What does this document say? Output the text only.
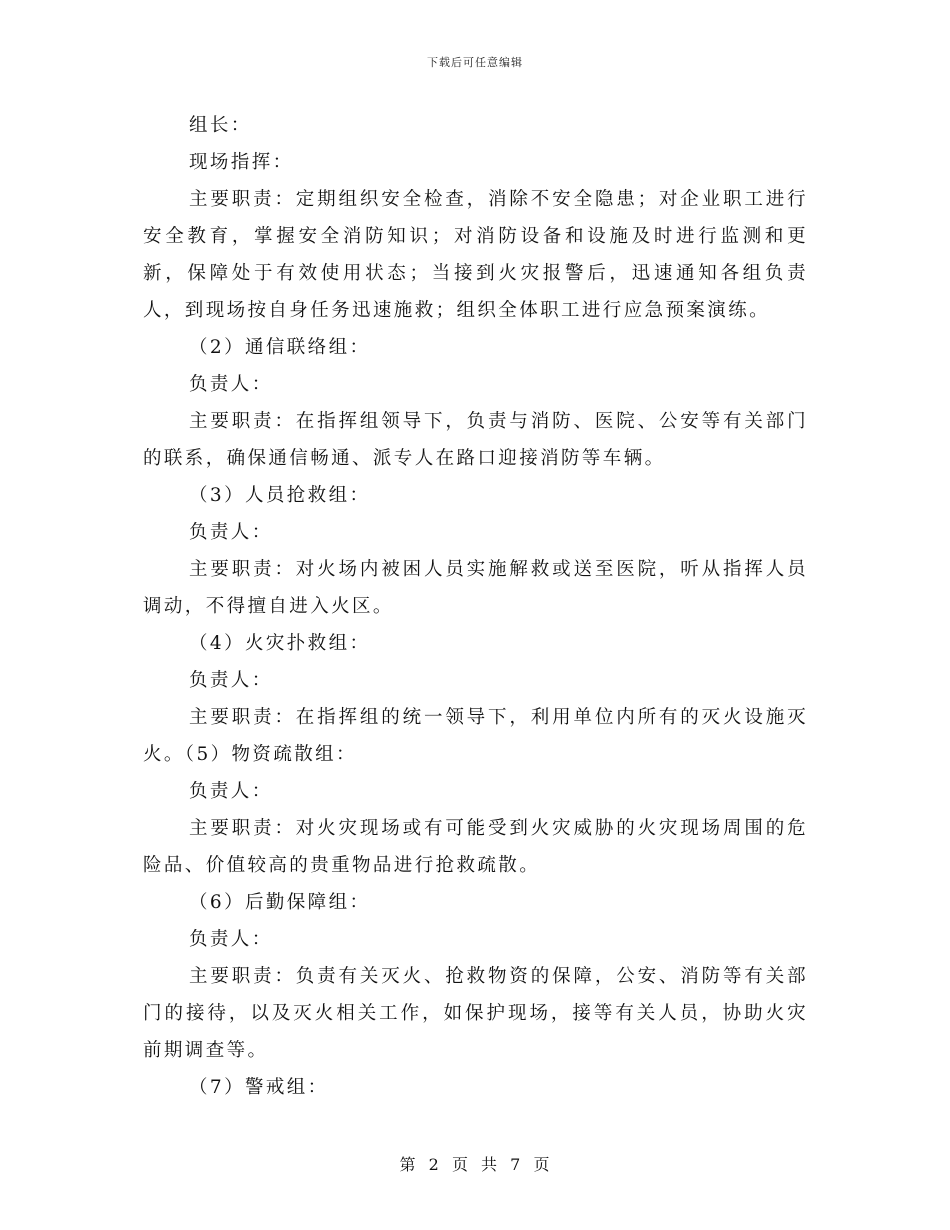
下载后可任意编辑

组长：

现场指挥：

主要职责：定期组织安全检查，消除不安全隐患；对企业职工进行安全教育，掌握安全消防知识；对消防设备和设施及时进行监测和更新，保障处于有效使用状态；当接到火灾报警后，迅速通知各组负责人，到现场按自身任务迅速施救；组织全体职工进行应急预案演练。

（2）通信联络组：

负责人：

主要职责：在指挥组领导下，负责与消防、医院、公安等有关部门的联系，确保通信畅通、派专人在路口迎接消防等车辆。

（3）人员抢救组：

负责人：

主要职责：对火场内被困人员实施解救或送至医院，听从指挥人员调动，不得擅自进入火区。

（4）火灾扑救组：

负责人：

主要职责：在指挥组的统一领导下，利用单位内所有的灭火设施灭火。（5）物资疏散组：

负责人：

主要职责：对火灾现场或有可能受到火灾威胁的火灾现场周围的危险品、价值较高的贵重物品进行抢救疏散。

（6）后勤保障组：

负责人：

主要职责：负责有关灭火、抢救物资的保障，公安、消防等有关部门的接待，以及灭火相关工作，如保护现场，接等有关人员，协助火灾前期调查等。

（7）警戒组：

第 2 页 共 7 页
